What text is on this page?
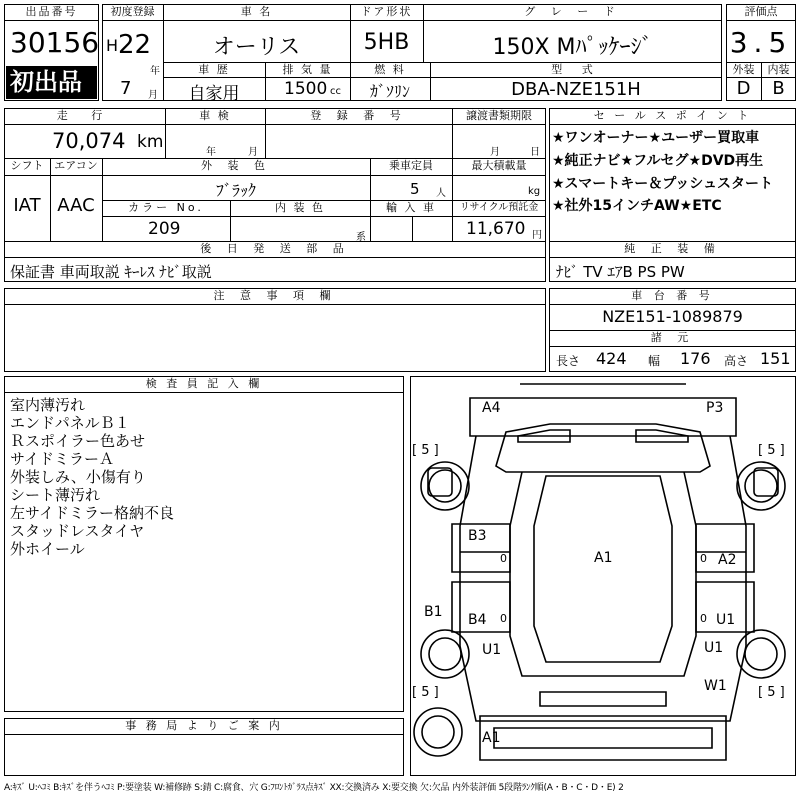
出品番号
30156
初出品
初度登録
H 22
年
7 月
車 名
オーリス
ドア形状
5HB
グ レ ー ド
150X Mﾊﾟｯｹｰｼﾞ
車 歴
自家用
排 気 量
1500 cc
燃 料
ｶﾞｿﾘﾝ
型 式
DBA-NZE151H
評価点
3.5
外装	内装
D	B
走 行
70,074 km
車 検
年	月
登 録 番 号	譲渡書類期限
月	日
シフト
IAT
エアコン
AAC
外 装 色
ﾌﾞﾗｯｸ
乗車定員
5 人
最大積載量
kg
カラー No.
209
内 装 色
系
輸 入 車	リサイクル預託金
11,670 円
後 日 発 送 部 品
保証書 車両取説 ｷｰﾚｽ ﾅﾋﾞ取説
セ ー ル ス ポ イ ン ト
★ワンオーナー★ユーザー買取車
★純正ナビ★フルセグ★DVD再生
★スマートキー＆プッシュスタート
★社外15インチAW★ETC
純 正 装 備
ﾅﾋﾞ TV ｴｱB PS PW
注 意 事 項 欄	車 台 番 号
NZE151-1089879
諸 元
長さ 424 幅 176 高さ 151
検 査 員 記 入 欄
室内薄汚れ
エンドパネルＢ１
Ｒスポイラー色あせ
サイドミラーＡ
外装しみ、小傷有り
シート薄汚れ
左サイドミラー格納不良
スタッドレスタイヤ
外ホイール
事 務 局 よ り ご 案 内
A4	P3
A1	A2
B3
B1 B4
U1
U1
U1
W1
A1
[ 5 ]	[ 5 ]
[ 5 ]	[ 5 ]
0
0
0
0
A:ｷｽﾞ U:ﾍｺﾐ B:ｷｽﾞを伴うﾍｺﾐ P:要塗装 W:補修跡 S:錆 C:腐食、穴 G:ﾌﾛﾝﾄｶﾞﾗｽ点ｷｽﾞ XX:交換済み X:要交換 欠:欠品 内外装評価 5段階ﾗﾝｸ順(A・B・C・D・E) 2
